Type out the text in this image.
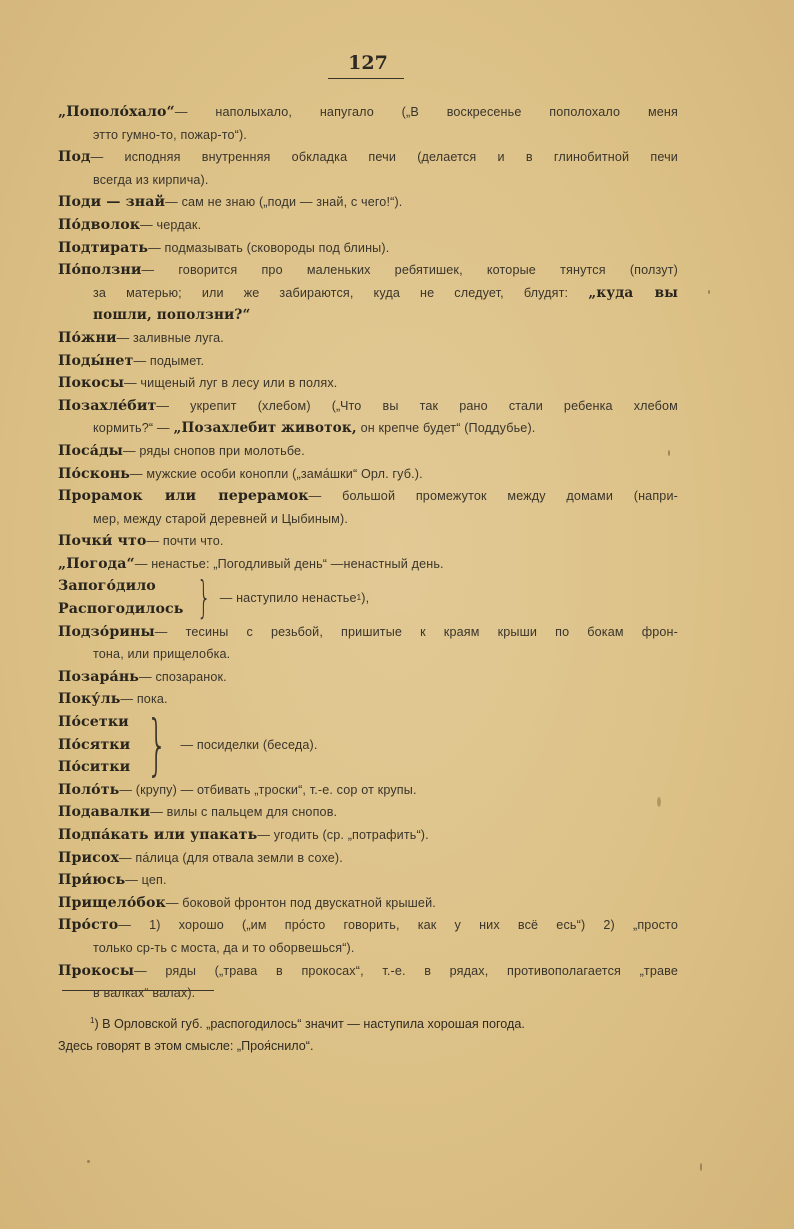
127
„Пополо́хало“— наполыхало, напугало („В воскресенье пополохало меня
этто гумно-то, пожар-то“).
Под— исподняя внутренняя обкладка печи (делается и в глинобитной печи
всегда из кирпича).
Поди — знай— сам не знаю („поди — знай, с чего!“).
По́дволок— чердак.
Подтирать— подмазывать (сковороды под блины).
По́ползни— говорится про маленьких ребятишек, которые тянутся (ползут)
за матерью; или же забираются, куда не следует, блудят: „куда вы
пошли, поползни?“
По́жни— заливные луга.
Поды́нет— подымет.
Покосы— чищеный луг в лесу или в полях.
Позахле́бит— укрепит (хлебом) („Что вы так рано стали ребенка хлебом
кормить?“ — „Позахлебит животок, он крепче будет“ (Поддубье).
Поса́ды— ряды снопов при молотьбе.
По́сконь— мужские особи конопли („зама́шки“ Орл. губ.).
Прорамок или перерамок— большой промежуток между домами (напри-
мер, между старой деревней и Цыбиным).
Почки́ что— почти что.
„Погода“— ненастье: „Погодливый день“ —ненастный день.
Запого́дило
Распогодилось } — наступило ненастье 1 ),
Подзо́рины— тесины с резьбой, пришитые к краям крыши по бокам фрон-
тона, или прищелобка.
Позара́нь— спозаранок.
Поку́ль— пока.
По́сетки
По́сятки
По́ситки } — посиделки (беседа).
Поло́ть— (крупу) — отбивать „троски“, т.-е. сор от крупы.
Подавалки— вилы с пальцем для снопов.
Подпа́кать или упакать— угодить (ср. „потрафить“).
Присох— па́лица (для отвала земли в сохе).
При́юсь— цеп.
Прищело́бок— боковой фронтон под двускатной крышей.
Про́сто— 1) хорошо („им про́сто говорить, как у них всё есь“) 2) „просто
только ср-ть с моста, да и то оборвешься“).
Прокосы— ряды („трава в прокосах“, т.-е. в рядах, противополагается „траве
в валках“ валах).
$^1$) В Орловской губ. „распогодилось“ значит — наступила хорошая погода.
Здесь говорят в этом смысле: „Проя́снило“.
